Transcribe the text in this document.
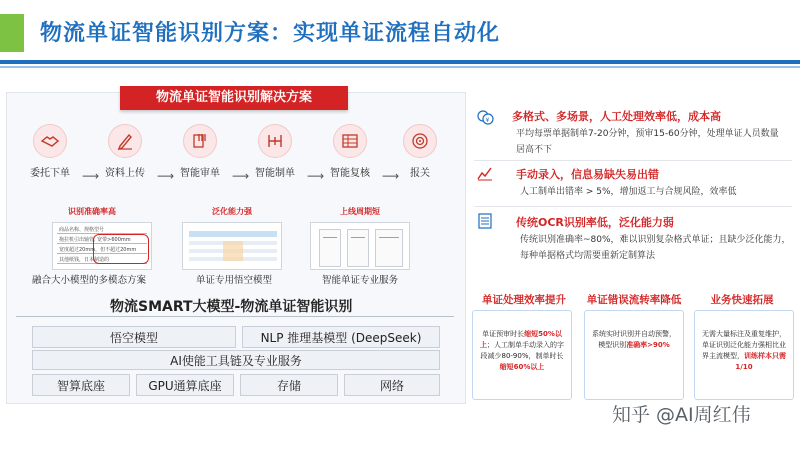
物流单证智能识别方案：实现单证流程自动化
物流单证智能识别解决方案
委托下单	⟶ 资料上传	⟶ 智能审单	⟶ 智能制单	⟶ 智能复核	⟶	报关
识别准确率高
商品名称、规格型号
拖拉机引出轴管, 宽带>600mm
宽度超过20mm，但不超过20mm
其他纸钱，日本制造的
融合大小模型的多模态方案
泛化能力强
单证专用悟空模型
上线周期短
智能单证专业服务
物流SMART大模型-物流单证智能识别
悟空模型	NLP 推理基模型 (DeepSeek)
AI使能工具链及专业服务
智算底座	GPU通算底座	存储	网络
¥ 多格式、多场景，人工处理效率低，成本高
平均每票单据制单7-20分钟，预审15-60分钟，处理单证人员数量
居高不下
手动录入，信息易缺失易出错
人工制单出错率 > 5%，增加返工与合规风险，效率低
传统OCR识别率低，泛化能力弱
传统识别准确率~80%，难以识别复杂格式单证；且缺少泛化能力，
每种单据格式均需要重新定制算法
单证处理效率提升	单证错误流转率降低	业务快速拓展
单证预审时长缩短50%以上；人工制单手动录入的字段减少80-90%，制单时长缩短60%以上
系统实时识别并自动预警，模型识别准确率>90%
无需大量标注及重复维护，单证识别泛化能力强相比业界主流模型，训练样本只需1/10
知乎 @AI周红伟
